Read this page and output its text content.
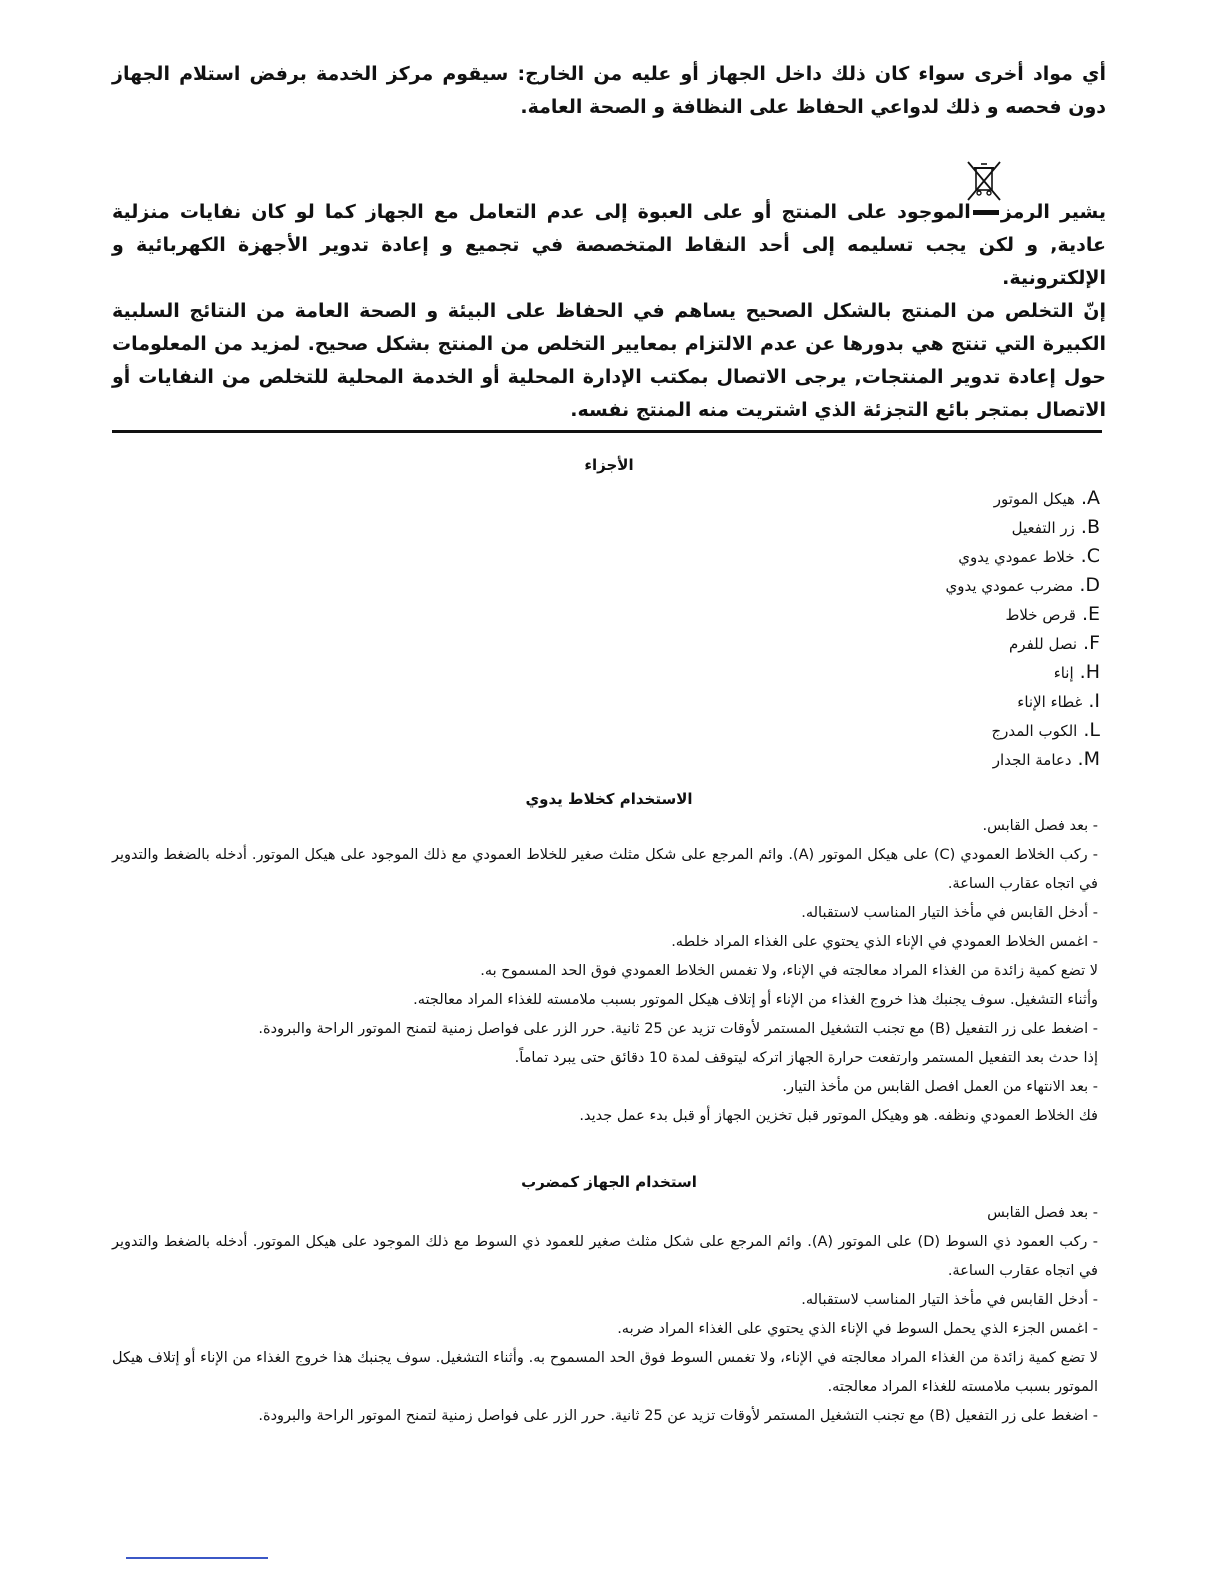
أي مواد أخرى سواء كان ذلك داخل الجهاز أو عليه من الخارج: سيقوم مركز الخدمة برفض استلام الجهاز دون فحصه و ذلك لدواعي الحفاظ على النظافة و الصحة العامة.

يشير الرمزالموجود على المنتج أو على العبوة إلى عدم التعامل مع الجهاز كما لو كان نفايات منزلية عادية, و لكن يجب تسليمه إلى أحد النقاط المتخصصة في تجميع و إعادة تدوير الأجهزة الكهربائية و الإلكترونية.

إنّ التخلص من المنتج بالشكل الصحيح يساهم في الحفاظ على البيئة و الصحة العامة من النتائج السلبية الكبيرة التي تنتج هي بدورها عن عدم الالتزام بمعايير التخلص من المنتج بشكل صحيح. لمزيد من المعلومات حول إعادة تدوير المنتجات, يرجى الاتصال بمكتب الإدارة المحلية أو الخدمة المحلية للتخلص من النفايات أو الاتصال بمتجر بائع التجزئة الذي اشتريت منه المنتج نفسه.

الأجزاء
A.هيكل الموتور
B.زر التفعيل
C.خلاط عمودي يدوي
D.مضرب عمودي يدوي
E.قرص خلاط
F.نصل للفرم
H.إناء
I.غطاء الإناء
L.الكوب المدرج
M.دعامة الجدار
الاستخدام كخلاط يدوي

- بعد فصل القابس.

- ركب الخلاط العمودي (C) على هيكل الموتور (A). وائم المرجع على شكل مثلث صغير للخلاط العمودي مع ذلك الموجود على هيكل الموتور. أدخله بالضغط والتدوير في اتجاه عقارب الساعة.

- أدخل القابس في مأخذ التيار المناسب لاستقباله.

- اغمس الخلاط العمودي في الإناء الذي يحتوي على الغذاء المراد خلطه.

لا تضع كمية زائدة من الغذاء المراد معالجته في الإناء، ولا تغمس الخلاط العمودي فوق الحد المسموح به.

وأثناء التشغيل. سوف يجنبك هذا خروج الغذاء من الإناء أو إتلاف هيكل الموتور بسبب ملامسته للغذاء المراد معالجته.

- اضغط على زر التفعيل (B) مع تجنب التشغيل المستمر لأوقات تزيد عن 25 ثانية. حرر الزر على فواصل زمنية لتمنح الموتور الراحة والبرودة.

إذا حدث بعد التفعيل المستمر وارتفعت حرارة الجهاز اتركه ليتوقف لمدة 10 دقائق حتى يبرد تماماً.

- بعد الانتهاء من العمل افصل القابس من مأخذ التيار.

فك الخلاط العمودي ونظفه. هو وهيكل الموتور قبل تخزين الجهاز أو قبل بدء عمل جديد.

استخدام الجهاز كمضرب

- بعد فصل القابس

- ركب العمود ذي السوط (D) على الموتور (A). وائم المرجع على شكل مثلث صغير للعمود ذي السوط مع ذلك الموجود على هيكل الموتور. أدخله بالضغط والتدوير في اتجاه عقارب الساعة.

- أدخل القابس في مأخذ التيار المناسب لاستقباله.

- اغمس الجزء الذي يحمل السوط في الإناء الذي يحتوي على الغذاء المراد ضربه.

لا تضع كمية زائدة من الغذاء المراد معالجته في الإناء، ولا تغمس السوط فوق الحد المسموح به. وأثناء التشغيل. سوف يجنبك هذا خروج الغذاء من الإناء أو إتلاف هيكل الموتور بسبب ملامسته للغذاء المراد معالجته.

- اضغط على زر التفعيل (B) مع تجنب التشغيل المستمر لأوقات تزيد عن 25 ثانية. حرر الزر على فواصل زمنية لتمنح الموتور الراحة والبرودة.
